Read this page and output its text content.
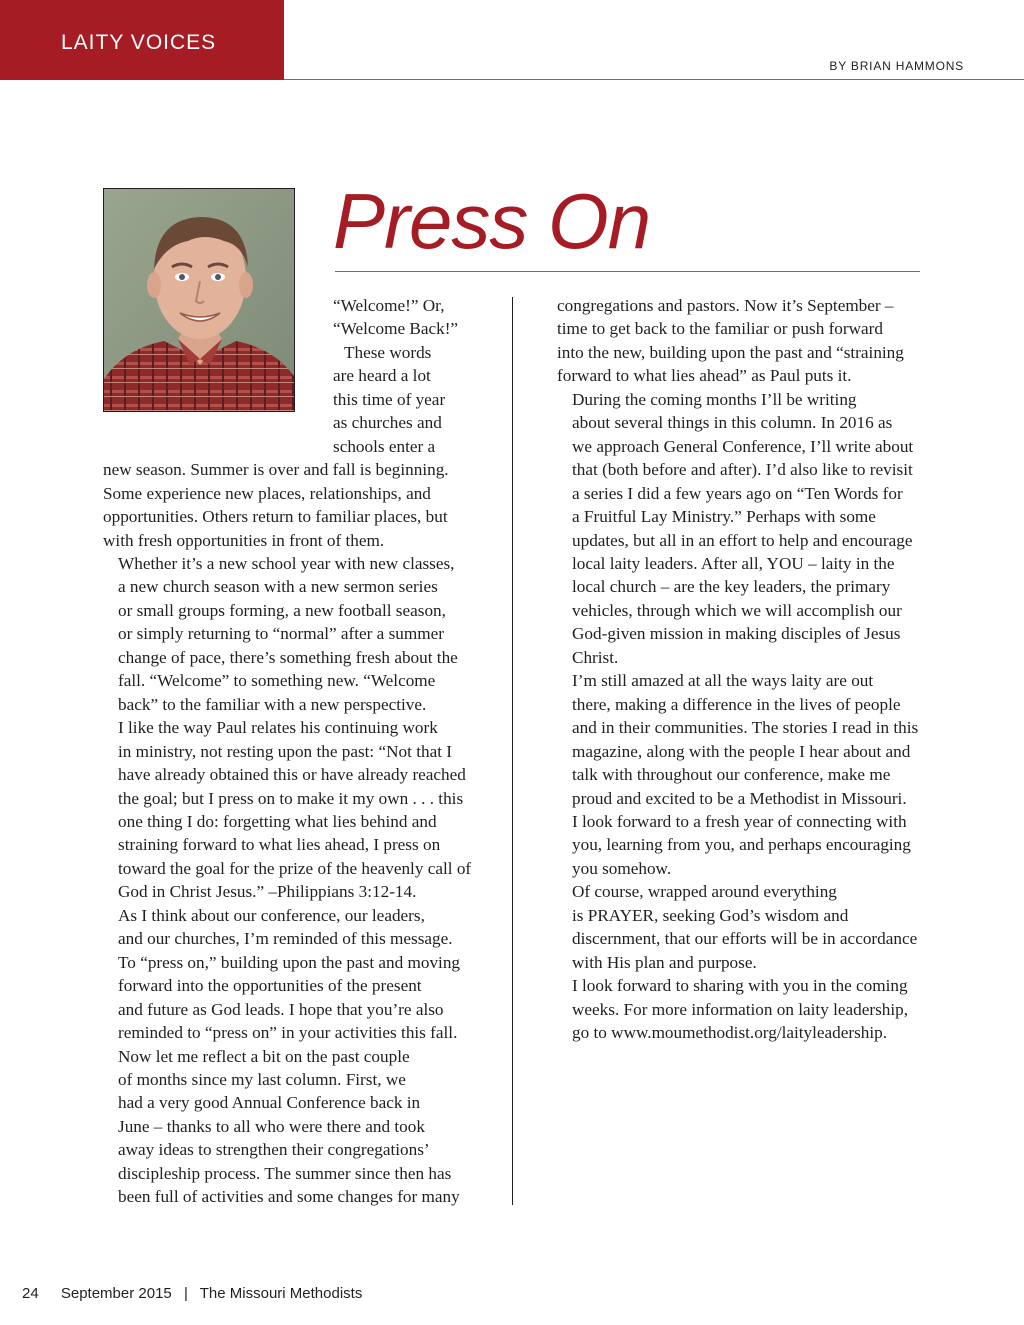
LAITY VOICES
BY BRIAN HAMMONS
Press On

“Welcome!” Or,
“Welcome Back!”
These words
are heard a lot
this time of year
as churches and
schools enter a
new season. Summer is over and fall is beginning.
Some experience new places, relationships, and
opportunities. Others return to familiar places, but
with fresh opportunities in front of them.

Whether it’s a new school year with new classes,
a new church season with a new sermon series
or small groups forming, a new football season,
or simply returning to “normal” after a summer
change of pace, there’s something fresh about the
fall. “Welcome” to something new. “Welcome
back” to the familiar with a new perspective.

I like the way Paul relates his continuing work
in ministry, not resting upon the past: “Not that I
have already obtained this or have already reached
the goal; but I press on to make it my own . . . this
one thing I do: forgetting what lies behind and
straining forward to what lies ahead, I press on
toward the goal for the prize of the heavenly call of
God in Christ Jesus.” –Philippians 3:12-14.

As I think about our conference, our leaders,
and our churches, I’m reminded of this message.
To “press on,” building upon the past and moving
forward into the opportunities of the present
and future as God leads. I hope that you’re also
reminded to “press on” in your activities this fall.

Now let me reflect a bit on the past couple
of months since my last column. First, we
had a very good Annual Conference back in
June – thanks to all who were there and took
away ideas to strengthen their congregations’
discipleship process. The summer since then has
been full of activities and some changes for many

congregations and pastors. Now it’s September –
time to get back to the familiar or push forward
into the new, building upon the past and “straining
forward to what lies ahead” as Paul puts it.

During the coming months I’ll be writing
about several things in this column. In 2016 as
we approach General Conference, I’ll write about
that (both before and after). I’d also like to revisit
a series I did a few years ago on “Ten Words for
a Fruitful Lay Ministry.” Perhaps with some
updates, but all in an effort to help and encourage
local laity leaders. After all, YOU – laity in the
local church – are the key leaders, the primary
vehicles, through which we will accomplish our
God-given mission in making disciples of Jesus
Christ.

I’m still amazed at all the ways laity are out
there, making a difference in the lives of people
and in their communities. The stories I read in this
magazine, along with the people I hear about and
talk with throughout our conference, make me
proud and excited to be a Methodist in Missouri.
I look forward to a fresh year of connecting with
you, learning from you, and perhaps encouraging
you somehow.

Of course, wrapped around everything
is PRAYER, seeking God’s wisdom and
discernment, that our efforts will be in accordance
with His plan and purpose.

I look forward to sharing with you in the coming
weeks. For more information on laity leadership,
go to www.moumethodist.org/laityleadership.

24 September 2015 | The Missouri Methodists
